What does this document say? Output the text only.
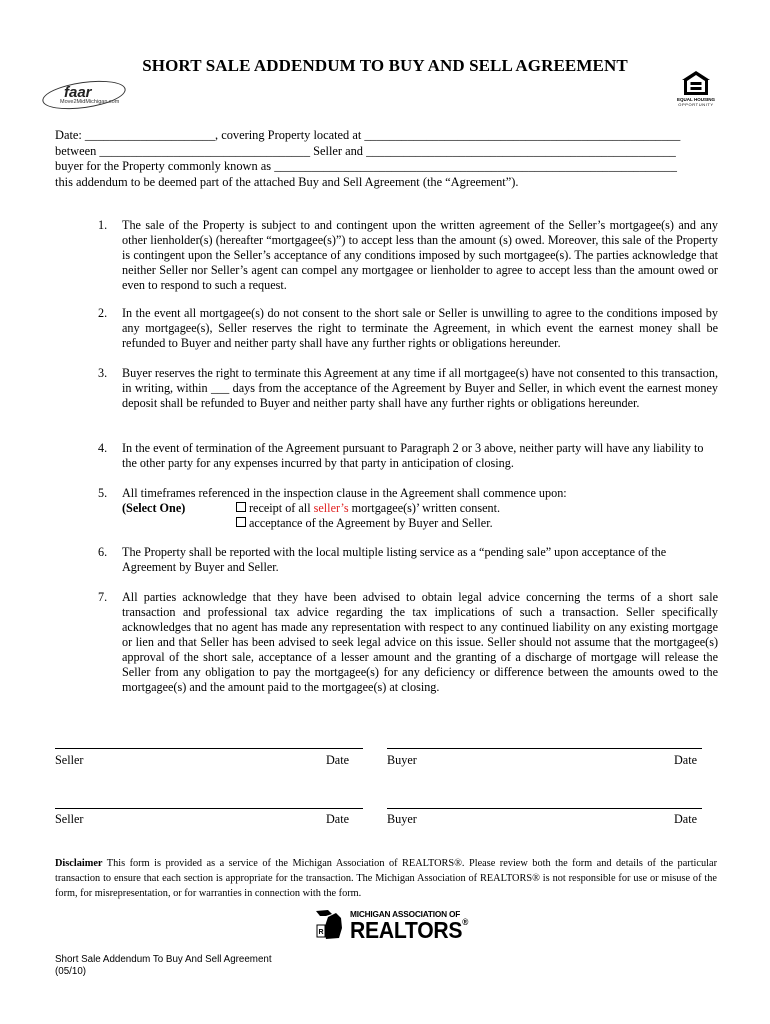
SHORT SALE ADDENDUM TO BUY AND SELL AGREEMENT
faar
Move2MidMichigan.com	EQUAL HOUSING
OPPORTUNITY
Date: _____________________, covering Property located at ___________________________________________________
between __________________________________ Seller and __________________________________________________
buyer for the Property commonly known as _________________________________________________________________
this addendum to be deemed part of the attached Buy and Sell Agreement (the “Agreement”).
1.	The sale of the Property is subject to and contingent upon the written agreement of the Seller’s mortgagee(s) and any other lienholder(s) (hereafter “mortgagee(s)”) to accept less than the amount (s) owed. Moreover, this sale of the Property is contingent upon the Seller’s acceptance of any conditions imposed by such mortgagee(s). The parties acknowledge that neither Seller nor Seller’s agent can compel any mortgagee or lienholder to agree to accept less than the amount owed or even to respond to such a request.
2.	In the event all mortgagee(s) do not consent to the short sale or Seller is unwilling to agree to the conditions imposed by any mortgagee(s), Seller reserves the right to terminate the Agreement, in which event the earnest money shall be refunded to Buyer and neither party shall have any further rights or obligations hereunder.
3.	Buyer reserves the right to terminate this Agreement at any time if all mortgagee(s) have not consented to this transaction, in writing, within ___ days from the acceptance of the Agreement by Buyer and Seller, in which event the earnest money deposit shall be refunded to Buyer and neither party shall have any further rights or obligations hereunder.
4.	In the event of termination of the Agreement pursuant to Paragraph 2 or 3 above, neither party will have any liability to the other party for any expenses incurred by that party in anticipation of closing.
5.	All timeframes referenced in the inspection clause in the Agreement shall commence upon:
(Select One)	receipt of all seller’s mortgagee(s)’ written consent.
acceptance of the Agreement by Buyer and Seller.
6.	The Property shall be reported with the local multiple listing service as a “pending sale” upon acceptance of the Agreement by Buyer and Seller.
7.	All parties acknowledge that they have been advised to obtain legal advice concerning the terms of a short sale transaction and professional tax advice regarding the tax implications of such a transaction. Seller specifically acknowledges that no agent has made any representation with respect to any continued liability on any existing mortgage or lien and that Seller has been advised to seek legal advice on this issue. Seller should not assume that the mortgagee(s) approval of the short sale, acceptance of a lesser amount and the granting of a discharge of mortgage will release the Seller from any obligation to pay the mortgagee(s) for any deficiency or difference between the amounts owed to the mortgagee(s) and the amount paid to the mortgagee(s) at closing.
Seller	Date	Buyer	Date
Seller	Date	Buyer	Date
Disclaimer This form is provided as a service of the Michigan Association of REALTORS®. Please review both the form and details of the particular transaction to ensure that each section is appropriate for the transaction. The Michigan Association of REALTORS® is not responsible for use or misuse of the form, for misrepresentation, or for warranties in connection with the form.
R
MICHIGAN ASSOCIATION OF
REALTORS®
Short Sale Addendum To Buy And Sell Agreement
(05/10)
